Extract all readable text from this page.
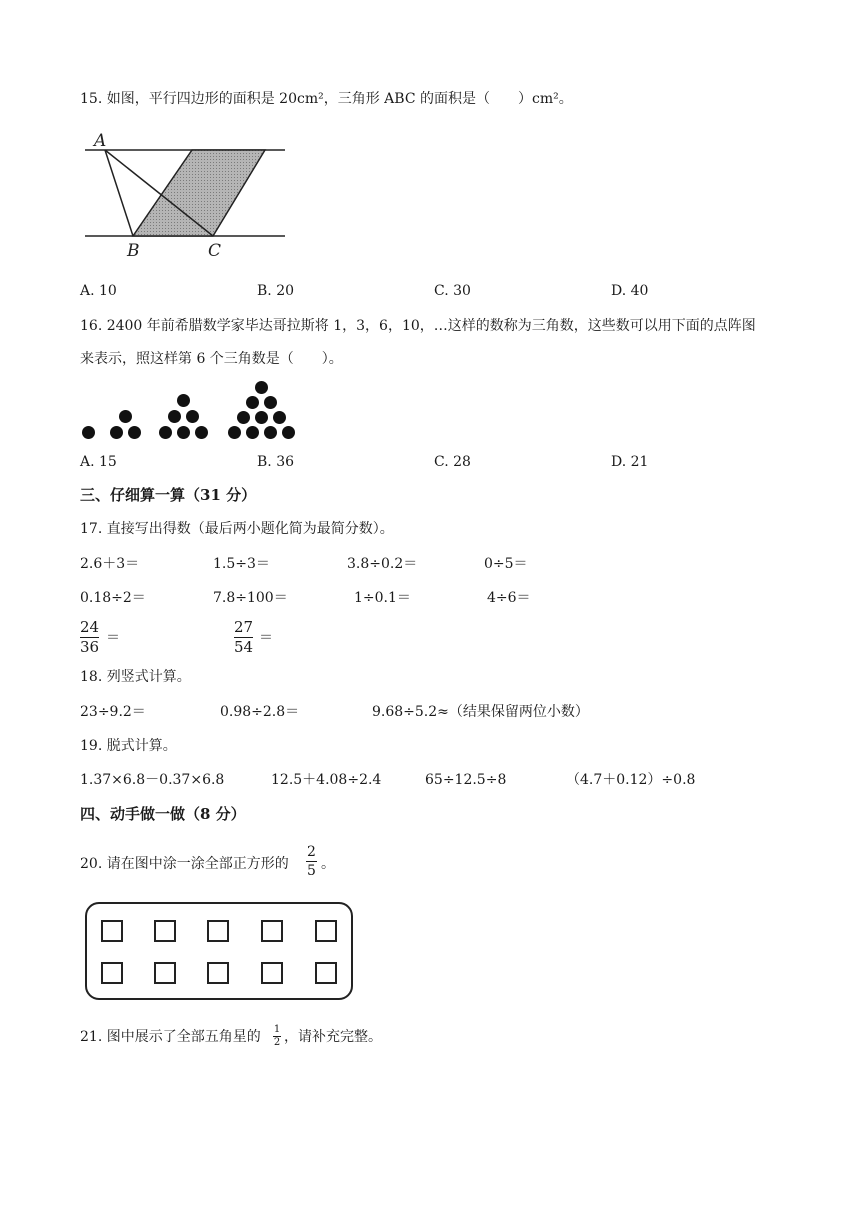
15. 如图，平行四边形的面积是 20cm²，三角形 ABC 的面积是（　　）cm²。
A
B	C
A. 10	B. 20	C. 30	D. 40
16. 2400 年前希腊数学家毕达哥拉斯将 1，3，6，10，…这样的数称为三角数，这些数可以用下面的点阵图
来表示，照这样第 6 个三角数是（　　）。
A. 15	B. 36	C. 28	D. 21
三、仔细算一算（31 分）
17. 直接写出得数（最后两小题化简为最简分数）。
2.6＋3＝	1.5÷3＝	3.8÷0.2＝	0÷5＝
0.18÷2＝	7.8÷100＝	1÷0.1＝	4÷6＝
24
36 ＝
27
54 ＝
18. 列竖式计算。
23÷9.2＝	0.98÷2.8＝	9.68÷5.2≈（结果保留两位小数）
19. 脱式计算。
1.37×6.8－0.37×6.8	12.5＋4.08÷2.4	65÷12.5÷8	（4.7＋0.12）÷0.8
四、动手做一做（8 分）
20. 请在图中涂一涂全部正方形的
2
5 。
21. 图中展示了全部五角星的 1
2 ，请补充完整。
